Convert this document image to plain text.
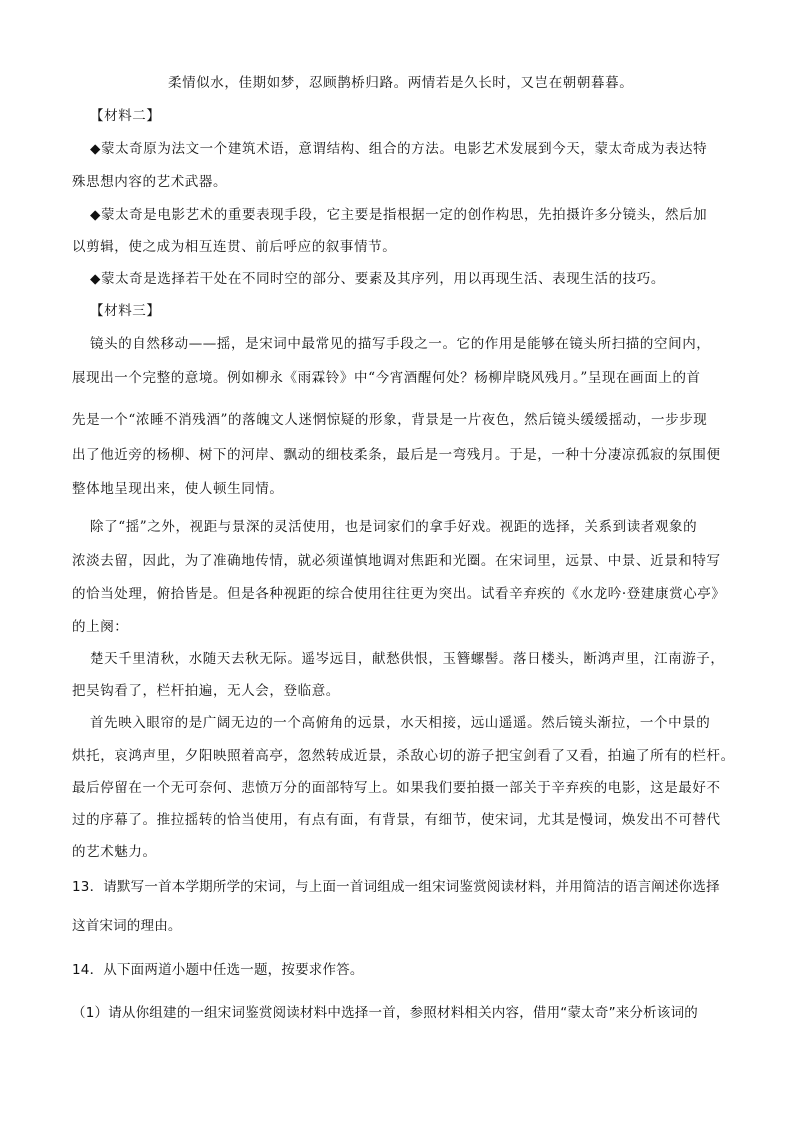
柔情似水，佳期如梦，忍顾鹊桥归路。两情若是久长时，又岂在朝朝暮暮。
【材料二】
◆蒙太奇原为法文一个建筑术语，意谓结构、组合的方法。电影艺术发展到今天，蒙太奇成为表达特
殊思想内容的艺术武器。
◆蒙太奇是电影艺术的重要表现手段，它主要是指根据一定的创作构思，先拍摄许多分镜头，然后加
以剪辑，使之成为相互连贯、前后呼应的叙事情节。
◆蒙太奇是选择若干处在不同时空的部分、要素及其序列，用以再现生活、表现生活的技巧。
【材料三】
镜头的自然移动——摇，是宋词中最常见的描写手段之一。它的作用是能够在镜头所扫描的空间内，
展现出一个完整的意境。例如柳永《雨霖铃》中“今宵酒醒何处？杨柳岸晓风残月。”呈现在画面上的首
先是一个“浓睡不消残酒”的落魄文人迷惘惊疑的形象，背景是一片夜色，然后镜头缓缓摇动，一步步现
出了他近旁的杨柳、树下的河岸、飘动的细枝柔条，最后是一弯残月。于是，一种十分凄凉孤寂的氛围便
整体地呈现出来，使人顿生同情。
除了“摇”之外，视距与景深的灵活使用，也是词家们的拿手好戏。视距的选择，关系到读者观象的
浓淡去留，因此，为了准确地传情，就必须谨慎地调对焦距和光圈。在宋词里，远景、中景、近景和特写
的恰当处理，俯拾皆是。但是各种视距的综合使用往往更为突出。试看辛弃疾的《水龙吟·登建康赏心亭》
的上阕：
楚天千里清秋，水随天去秋无际。遥岑远目，献愁供恨，玉簪螺髻。落日楼头，断鸿声里，江南游子，
把吴钩看了，栏杆拍遍，无人会，登临意。
首先映入眼帘的是广阔无边的一个高俯角的远景，水天相接，远山遥遥。然后镜头渐拉，一个中景的
烘托，哀鸿声里，夕阳映照着高亭，忽然转成近景，杀敌心切的游子把宝剑看了又看，拍遍了所有的栏杆。
最后停留在一个无可奈何、悲愤万分的面部特写上。如果我们要拍摄一部关于辛弃疾的电影，这是最好不
过的序幕了。推拉摇转的恰当使用，有点有面，有背景，有细节，使宋词，尤其是慢词，焕发出不可替代
的艺术魅力。
13．请默写一首本学期所学的宋词，与上面一首词组成一组宋词鉴赏阅读材料，并用简洁的语言阐述你选择
这首宋词的理由。
14．从下面两道小题中任选一题，按要求作答。
（1）请从你组建的一组宋词鉴赏阅读材料中选择一首，参照材料相关内容，借用“蒙太奇”来分析该词的
